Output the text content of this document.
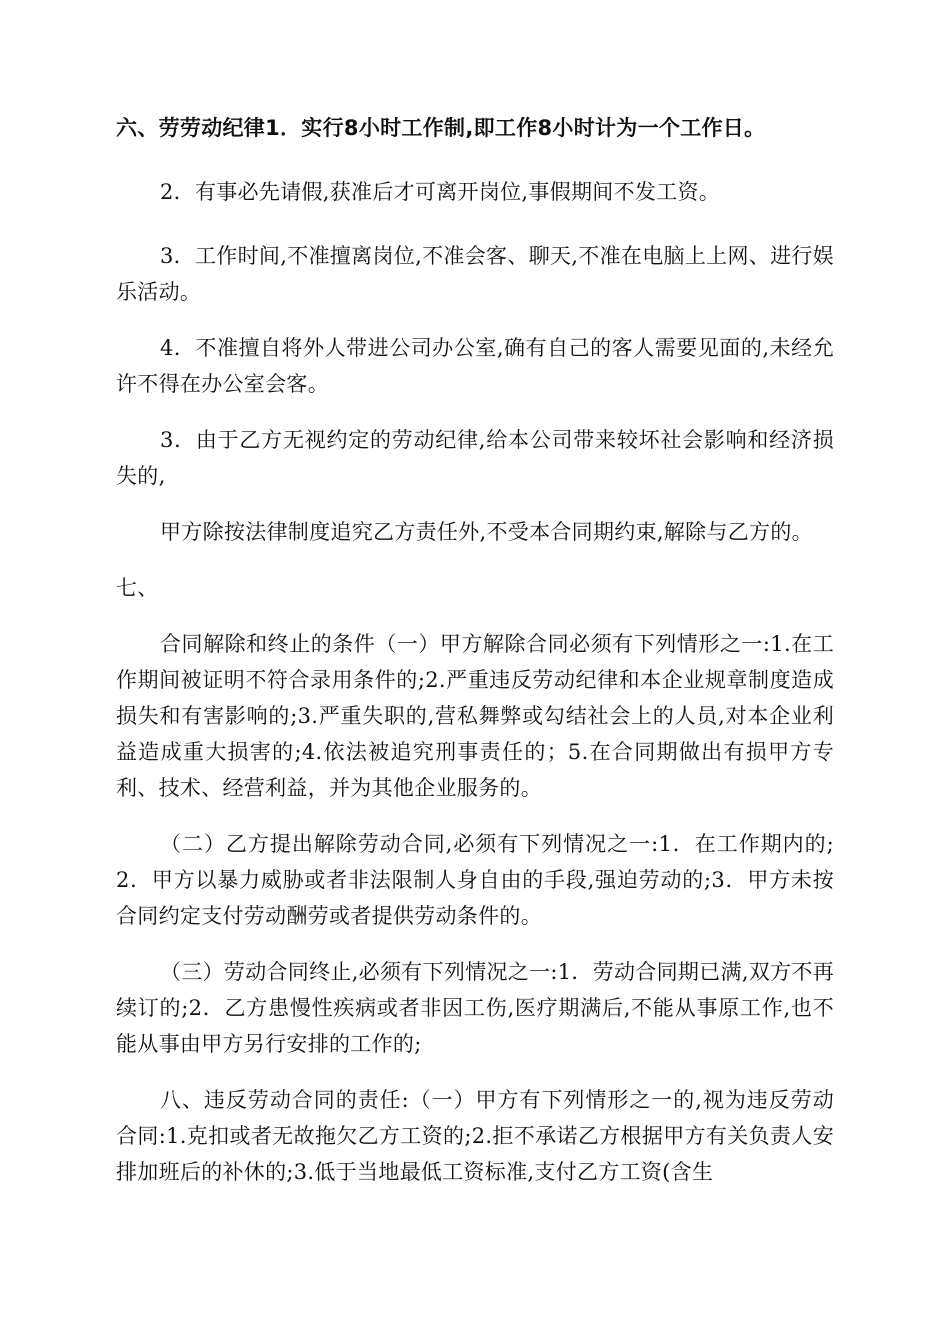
六、劳劳动纪律1．实行8小时工作制,即工作8小时计为一个工作日。

2．有事必先请假,获准后才可离开岗位,事假期间不发工资。

3．工作时间,不准擅离岗位,不准会客、聊天,不准在电脑上上网、进行娱乐活动。

4．不准擅自将外人带进公司办公室,确有自己的客人需要见面的,未经允许不得在办公室会客。

3．由于乙方无视约定的劳动纪律,给本公司带来较坏社会影响和经济损失的,

甲方除按法律制度追究乙方责任外,不受本合同期约束,解除与乙方的。

七、

合同解除和终止的条件（一）甲方解除合同必须有下列情形之一:1.在工作期间被证明不符合录用条件的;2.严重违反劳动纪律和本企业规章制度造成损失和有害影响的;3.严重失职的,营私舞弊或勾结社会上的人员,对本企业利益造成重大损害的;4.依法被追究刑事责任的；5.在合同期做出有损甲方专利、技术、经营利益，并为其他企业服务的。

（二）乙方提出解除劳动合同,必须有下列情况之一:1．在工作期内的;2．甲方以暴力威胁或者非法限制人身自由的手段,强迫劳动的;3．甲方未按合同约定支付劳动酬劳或者提供劳动条件的。

（三）劳动合同终止,必须有下列情况之一:1．劳动合同期已满,双方不再续订的;2．乙方患慢性疾病或者非因工伤,医疗期满后,不能从事原工作,也不能从事由甲方另行安排的工作的;

八、违反劳动合同的责任:（一）甲方有下列情形之一的,视为违反劳动合同:1.克扣或者无故拖欠乙方工资的;2.拒不承诺乙方根据甲方有关负责人安排加班后的补休的;3.低于当地最低工资标准,支付乙方工资(含生
